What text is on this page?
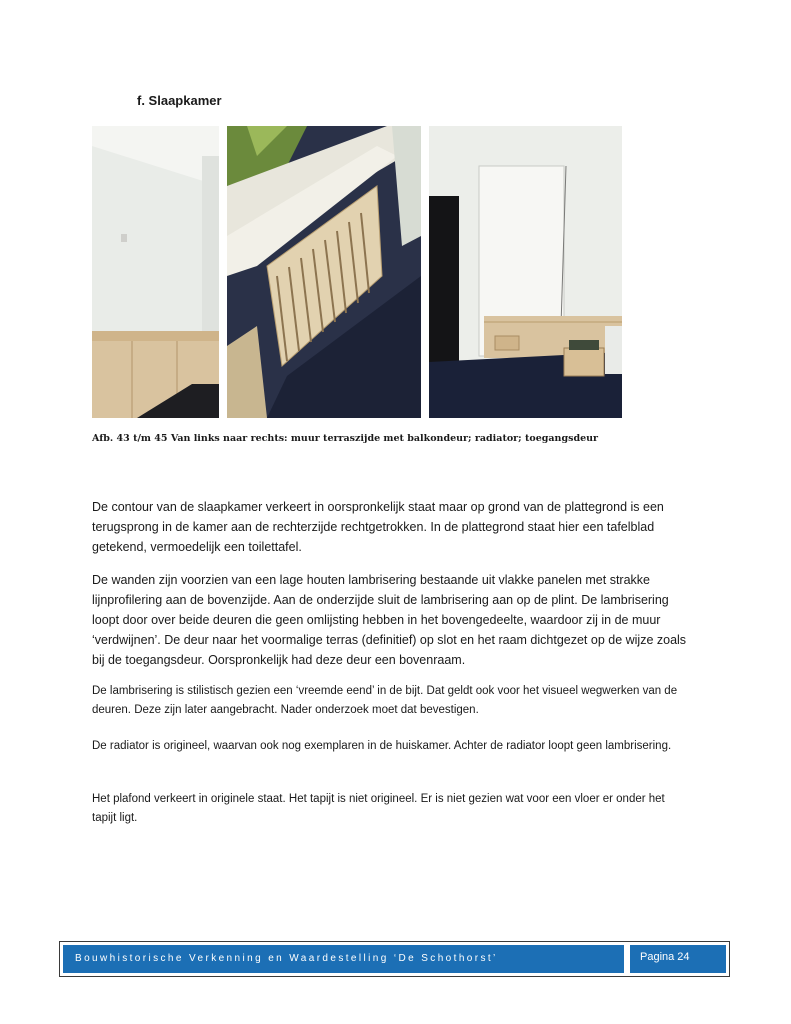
f. Slaapkamer

Afb. 43 t/m 45 Van links naar rechts: muur terraszijde met balkondeur; radiator; toegangsdeur

De contour van de slaapkamer verkeert in oorspronkelijk staat maar op grond van de plattegrond is een terugsprong in de kamer aan de rechterzijde rechtgetrokken. In de plattegrond staat hier een tafelblad getekend, vermoedelijk een toilettafel.

De wanden zijn voorzien van een lage houten lambrisering bestaande uit vlakke panelen met strakke lijnprofilering aan de bovenzijde. Aan de onderzijde sluit de lambrisering aan op de plint. De lambrisering loopt door over beide deuren die geen omlijsting hebben in het bovengedeelte, waardoor zij in de muur ‘verdwijnen’. De deur naar het voormalige terras (definitief) op slot en het raam dichtgezet op de wijze zoals bij de toegangsdeur. Oorspronkelijk had deze deur een bovenraam.

De lambrisering is stilistisch gezien een ‘vreemde eend’ in de bijt. Dat geldt ook voor het visueel wegwerken van de deuren. Deze zijn later aangebracht. Nader onderzoek moet dat bevestigen.

De radiator is origineel, waarvan ook nog exemplaren in de huiskamer. Achter de radiator loopt geen lambrisering.

Het plafond verkeert in originele staat. Het tapijt is niet origineel. Er is niet gezien wat voor een vloer er onder het tapijt ligt.

Bouwhistorische Verkenning en Waardestelling ‘De Schothorst’	Pagina 24
